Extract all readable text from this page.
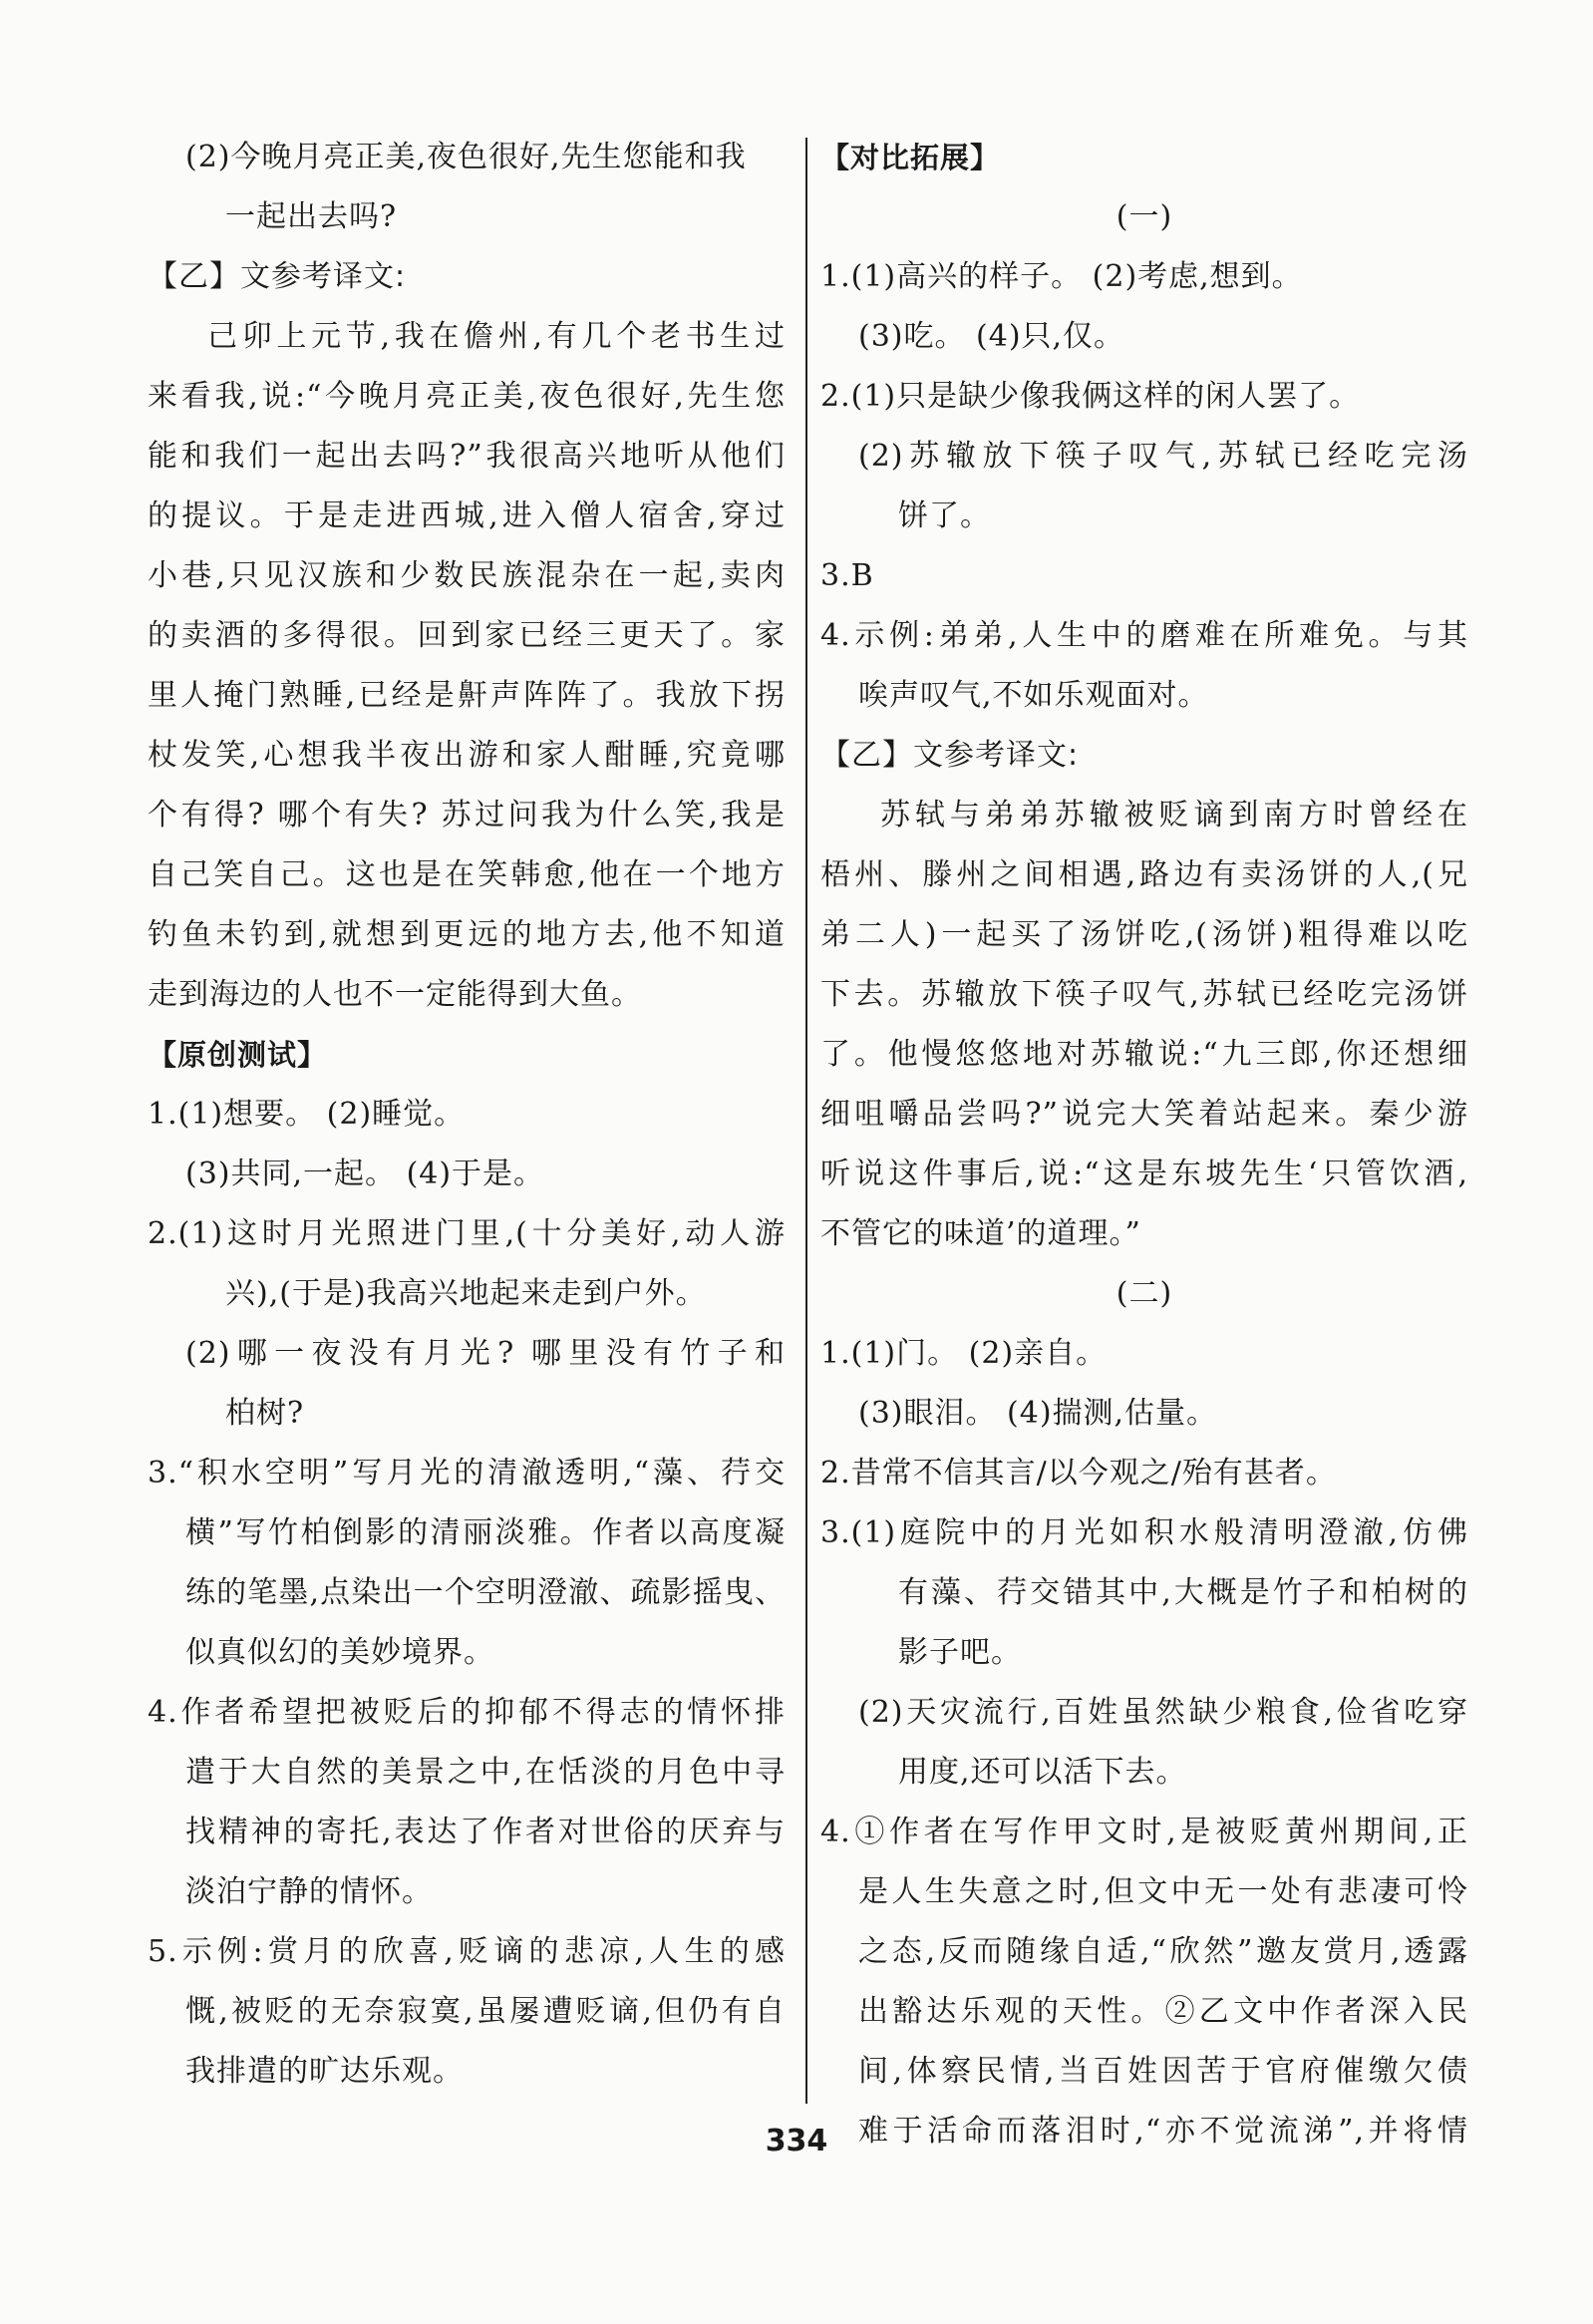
(2)今晚月亮正美,夜色很好,先生您能和我
一起出去吗?
【乙】文参考译文:
己卯上元节,我在儋州,有几个老书生过
来看我,说:“今晚月亮正美,夜色很好,先生您
能和我们一起出去吗?”我很高兴地听从他们
的提议。于是走进西城,进入僧人宿舍,穿过
小巷,只见汉族和少数民族混杂在一起,卖肉
的卖酒的多得很。回到家已经三更天了。家
里人掩门熟睡,已经是鼾声阵阵了。我放下拐
杖发笑,心想我半夜出游和家人酣睡,究竟哪
个有得? 哪个有失? 苏过问我为什么笑,我是
自己笑自己。这也是在笑韩愈,他在一个地方
钓鱼未钓到,就想到更远的地方去,他不知道
走到海边的人也不一定能得到大鱼。
【原创测试】
1.(1)想要。 (2)睡觉。
(3)共同,一起。 (4)于是。
2.(1)这时月光照进门里,(十分美好,动人游
兴),(于是)我高兴地起来走到户外。
(2)哪一夜没有月光? 哪里没有竹子和
柏树?
3.“积水空明”写月光的清澈透明,“藻、荇交
横”写竹柏倒影的清丽淡雅。作者以高度凝
练的笔墨,点染出一个空明澄澈、疏影摇曳、
似真似幻的美妙境界。
4.作者希望把被贬后的抑郁不得志的情怀排
遣于大自然的美景之中,在恬淡的月色中寻
找精神的寄托,表达了作者对世俗的厌弃与
淡泊宁静的情怀。
5.示例:赏月的欣喜,贬谪的悲凉,人生的感
慨,被贬的无奈寂寞,虽屡遭贬谪,但仍有自
我排遣的旷达乐观。
【对比拓展】
(一)
1.(1)高兴的样子。 (2)考虑,想到。
(3)吃。 (4)只,仅。
2.(1)只是缺少像我俩这样的闲人罢了。
(2)苏辙放下筷子叹气,苏轼已经吃完汤
饼了。
3.B
4.示例:弟弟,人生中的磨难在所难免。与其
唉声叹气,不如乐观面对。
【乙】文参考译文:
苏轼与弟弟苏辙被贬谪到南方时曾经在
梧州、滕州之间相遇,路边有卖汤饼的人,(兄
弟二人)一起买了汤饼吃,(汤饼)粗得难以吃
下去。苏辙放下筷子叹气,苏轼已经吃完汤饼
了。他慢悠悠地对苏辙说:“九三郎,你还想细
细咀嚼品尝吗?”说完大笑着站起来。秦少游
听说这件事后,说:“这是东坡先生‘只管饮酒,
不管它的味道’的道理。”
(二)
1.(1)门。 (2)亲自。
(3)眼泪。 (4)揣测,估量。
2.昔常不信其言/以今观之/殆有甚者。
3.(1)庭院中的月光如积水般清明澄澈,仿佛
有藻、荇交错其中,大概是竹子和柏树的
影子吧。
(2)天灾流行,百姓虽然缺少粮食,俭省吃穿
用度,还可以活下去。
4.①作者在写作甲文时,是被贬黄州期间,正
是人生失意之时,但文中无一处有悲凄可怜
之态,反而随缘自适,“欣然”邀友赏月,透露
出豁达乐观的天性。②乙文中作者深入民
间,体察民情,当百姓因苦于官府催缴欠债
难于活命而落泪时,“亦不觉流涕”,并将情
334
